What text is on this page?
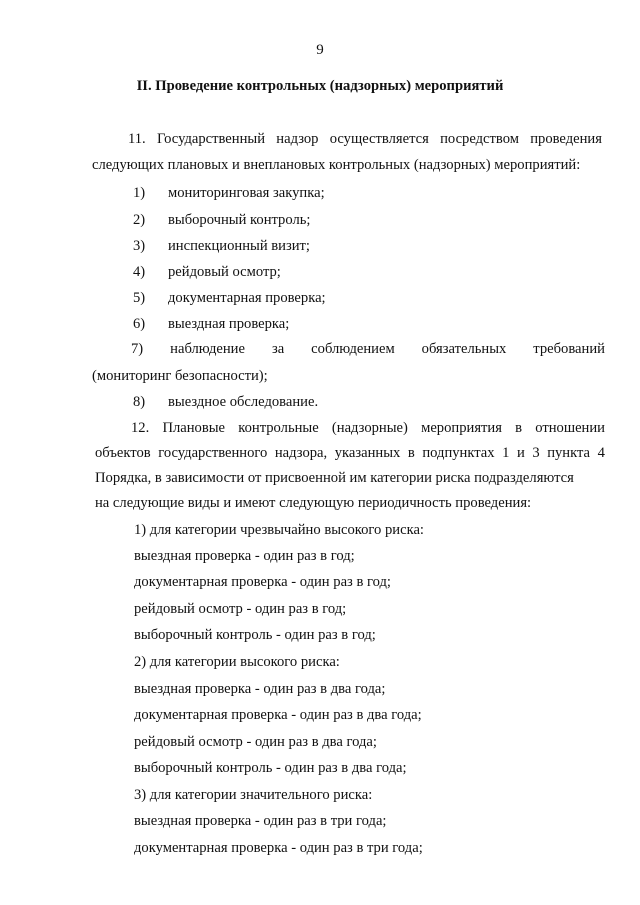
9
II. Проведение контрольных (надзорных) мероприятий
11. Государственный надзор осуществляется посредством проведения
следующих плановых и внеплановых контрольных (надзорных) мероприятий:
1) мониторинговая закупка;
2) выборочный контроль;
3) инспекционный визит;
4) рейдовый осмотр;
5) документарная проверка;
6) выездная проверка;
7) наблюдение за соблюдением обязательных требований
(мониторинг безопасности);
8) выездное обследование.
12. Плановые контрольные (надзорные) мероприятия в отношении
объектов государственного надзора, указанных в подпунктах 1 и 3 пункта 4
Порядка, в зависимости от присвоенной им категории риска подразделяются
на следующие виды и имеют следующую периодичность проведения:
1) для категории чрезвычайно высокого риска:
выездная проверка - один раз в год;
документарная проверка - один раз в год;
рейдовый осмотр - один раз в год;
выборочный контроль - один раз в год;
2) для категории высокого риска:
выездная проверка - один раз в два года;
документарная проверка - один раз в два года;
рейдовый осмотр - один раз в два года;
выборочный контроль - один раз в два года;
3) для категории значительного риска:
выездная проверка - один раз в три года;
документарная проверка - один раз в три года;
